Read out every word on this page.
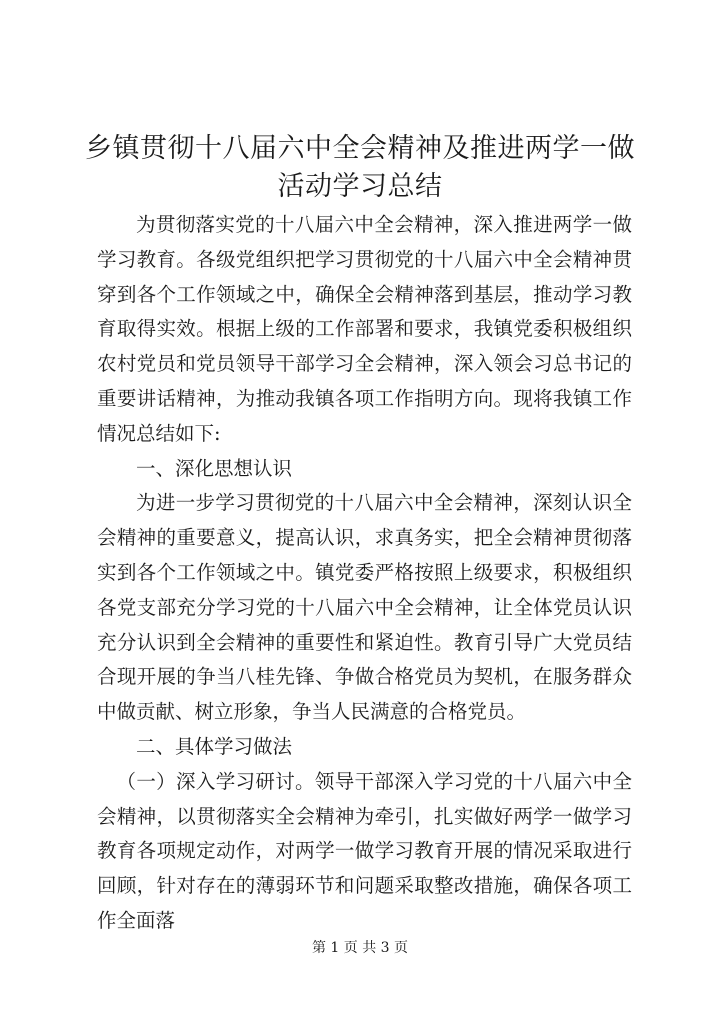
乡镇贯彻十八届六中全会精神及推进两学一做
活动学习总结

为贯彻落实党的十八届六中全会精神，深入推进两学一做学习教育。各级党组织把学习贯彻党的十八届六中全会精神贯穿到各个工作领域之中，确保全会精神落到基层，推动学习教育取得实效。根据上级的工作部署和要求，我镇党委积极组织农村党员和党员领导干部学习全会精神，深入领会习总书记的重要讲话精神，为推动我镇各项工作指明方向。现将我镇工作情况总结如下:

一、深化思想认识

为进一步学习贯彻党的十八届六中全会精神，深刻认识全会精神的重要意义，提高认识，求真务实，把全会精神贯彻落实到各个工作领域之中。镇党委严格按照上级要求，积极组织各党支部充分学习党的十八届六中全会精神，让全体党员认识充分认识到全会精神的重要性和紧迫性。教育引导广大党员结合现开展的争当八桂先锋、争做合格党员为契机，在服务群众中做贡献、树立形象，争当人民满意的合格党员。

二、具体学习做法

（一）深入学习研讨。领导干部深入学习党的十八届六中全会精神，以贯彻落实全会精神为牵引，扎实做好两学一做学习教育各项规定动作，对两学一做学习教育开展的情况采取进行回顾，针对存在的薄弱环节和问题采取整改措施，确保各项工作全面落

第 1 页 共 3 页
